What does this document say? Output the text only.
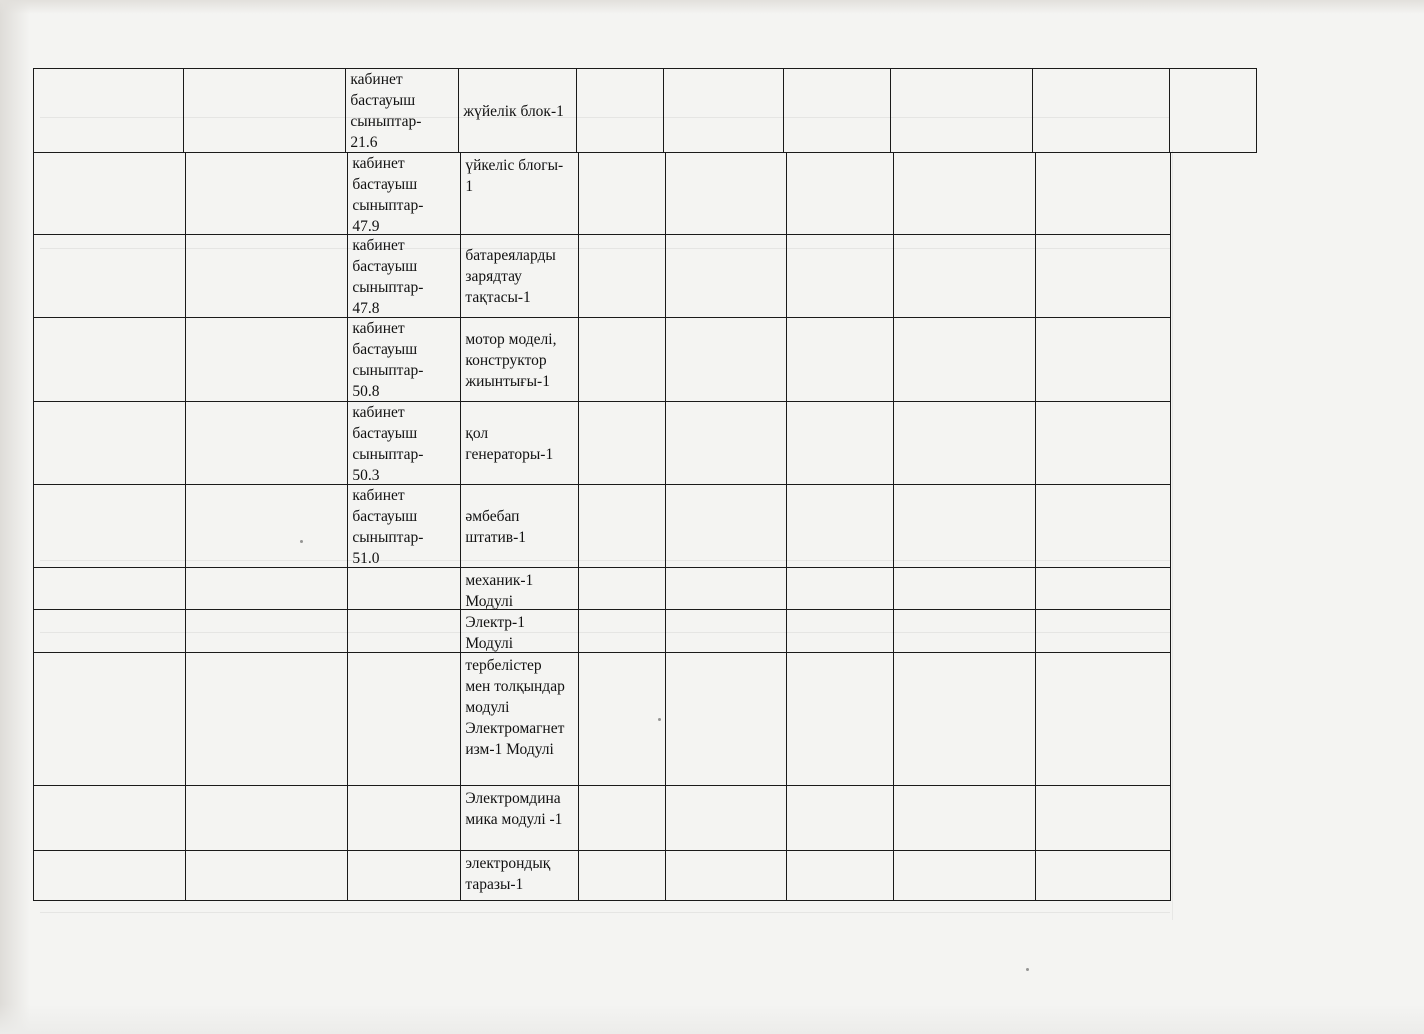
кабинет
бастауыш
сыныптар-
21.6
жүйелік блок-1
кабинет
бастауыш
сыныптар-
47.9
үйкеліс блогы-
1
кабинет
бастауыш
сыныптар-
47.8
батареяларды
зарядтау
тақтасы-1
кабинет
бастауыш
сыныптар-
50.8
мотор моделі,
конструктор
жиынтығы-1
кабинет
бастауыш
сыныптар-
50.3
қол
генераторы-1
кабинет
бастауыш
сыныптар-
51.0
әмбебап
штатив-1
механик-1
Модулі
Электр-1
Модулі
тербелістер
мен толқындар
модулі
Электромагнет
изм-1 Модулі
Электромдина
мика модулі -1
электрондық
таразы-1
